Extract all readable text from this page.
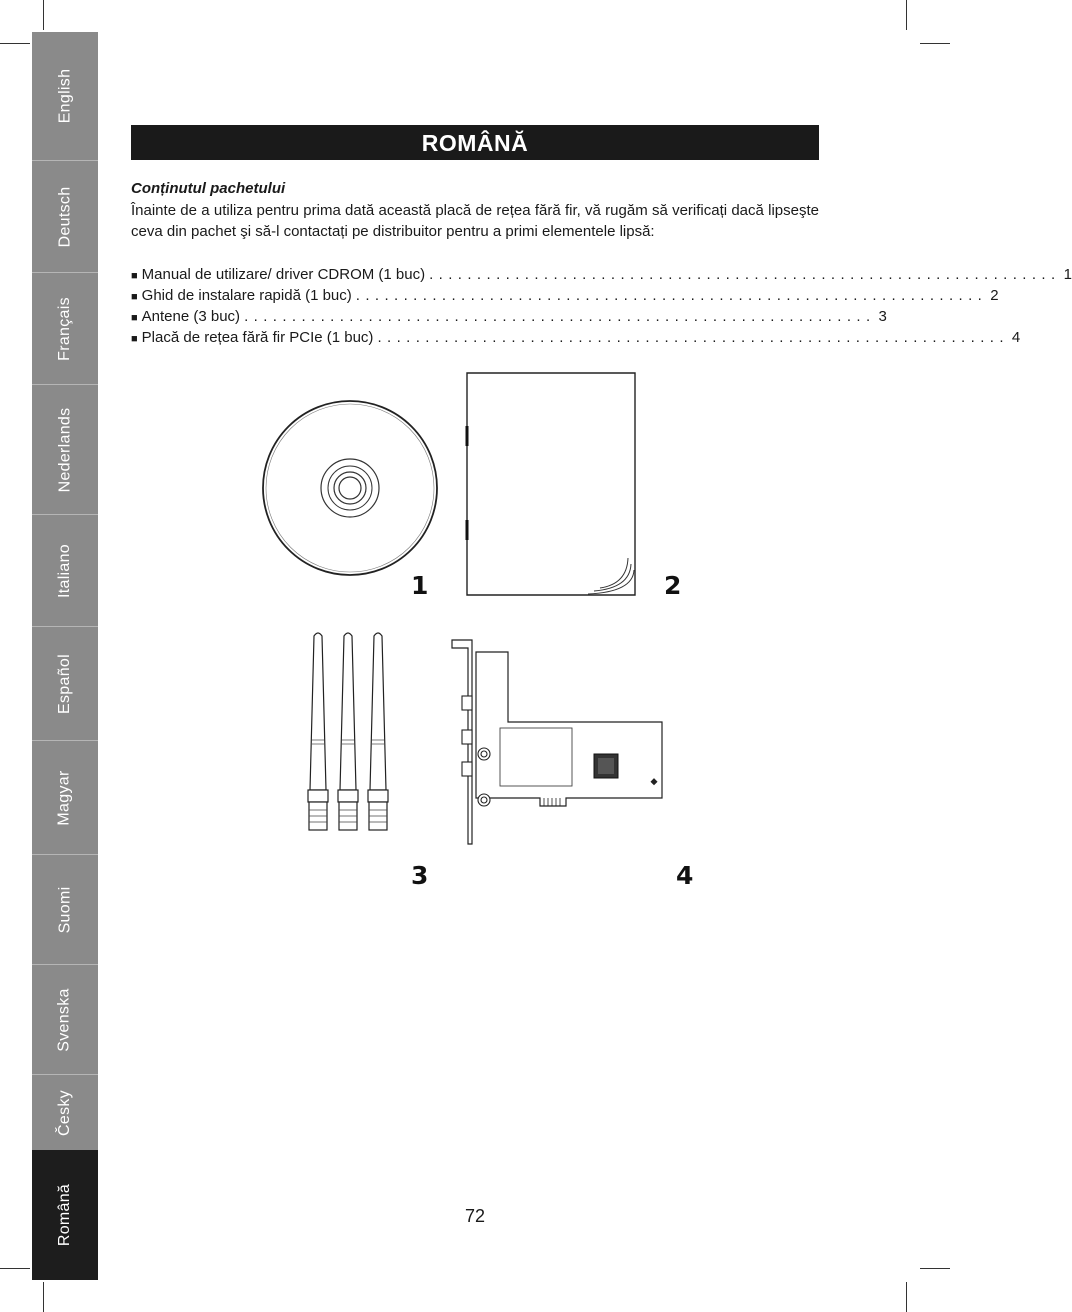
English
Deutsch
Français
Nederlands
Italiano
Español
Magyar
Suomi
Svenska
Česky
Română
ROMÂNĂ
Conținutul pachetului
Înainte de a utiliza pentru prima dată această placă de rețea fără fir, vă rugăm să verificați dacă lipseşte ceva din pachet şi să-l contactați pe distribuitor pentru a primi elementele lipsă:
■ Manual de utilizare/ driver CDROM (1 buc) .................................................................. 1
■ Ghid de instalare rapidă (1 buc) .................................................................. 2
■ Antene (3 buc) .................................................................. 3
■ Placă de rețea fără fir PCIe (1 buc) .................................................................. 4
1	2
3	4
72
